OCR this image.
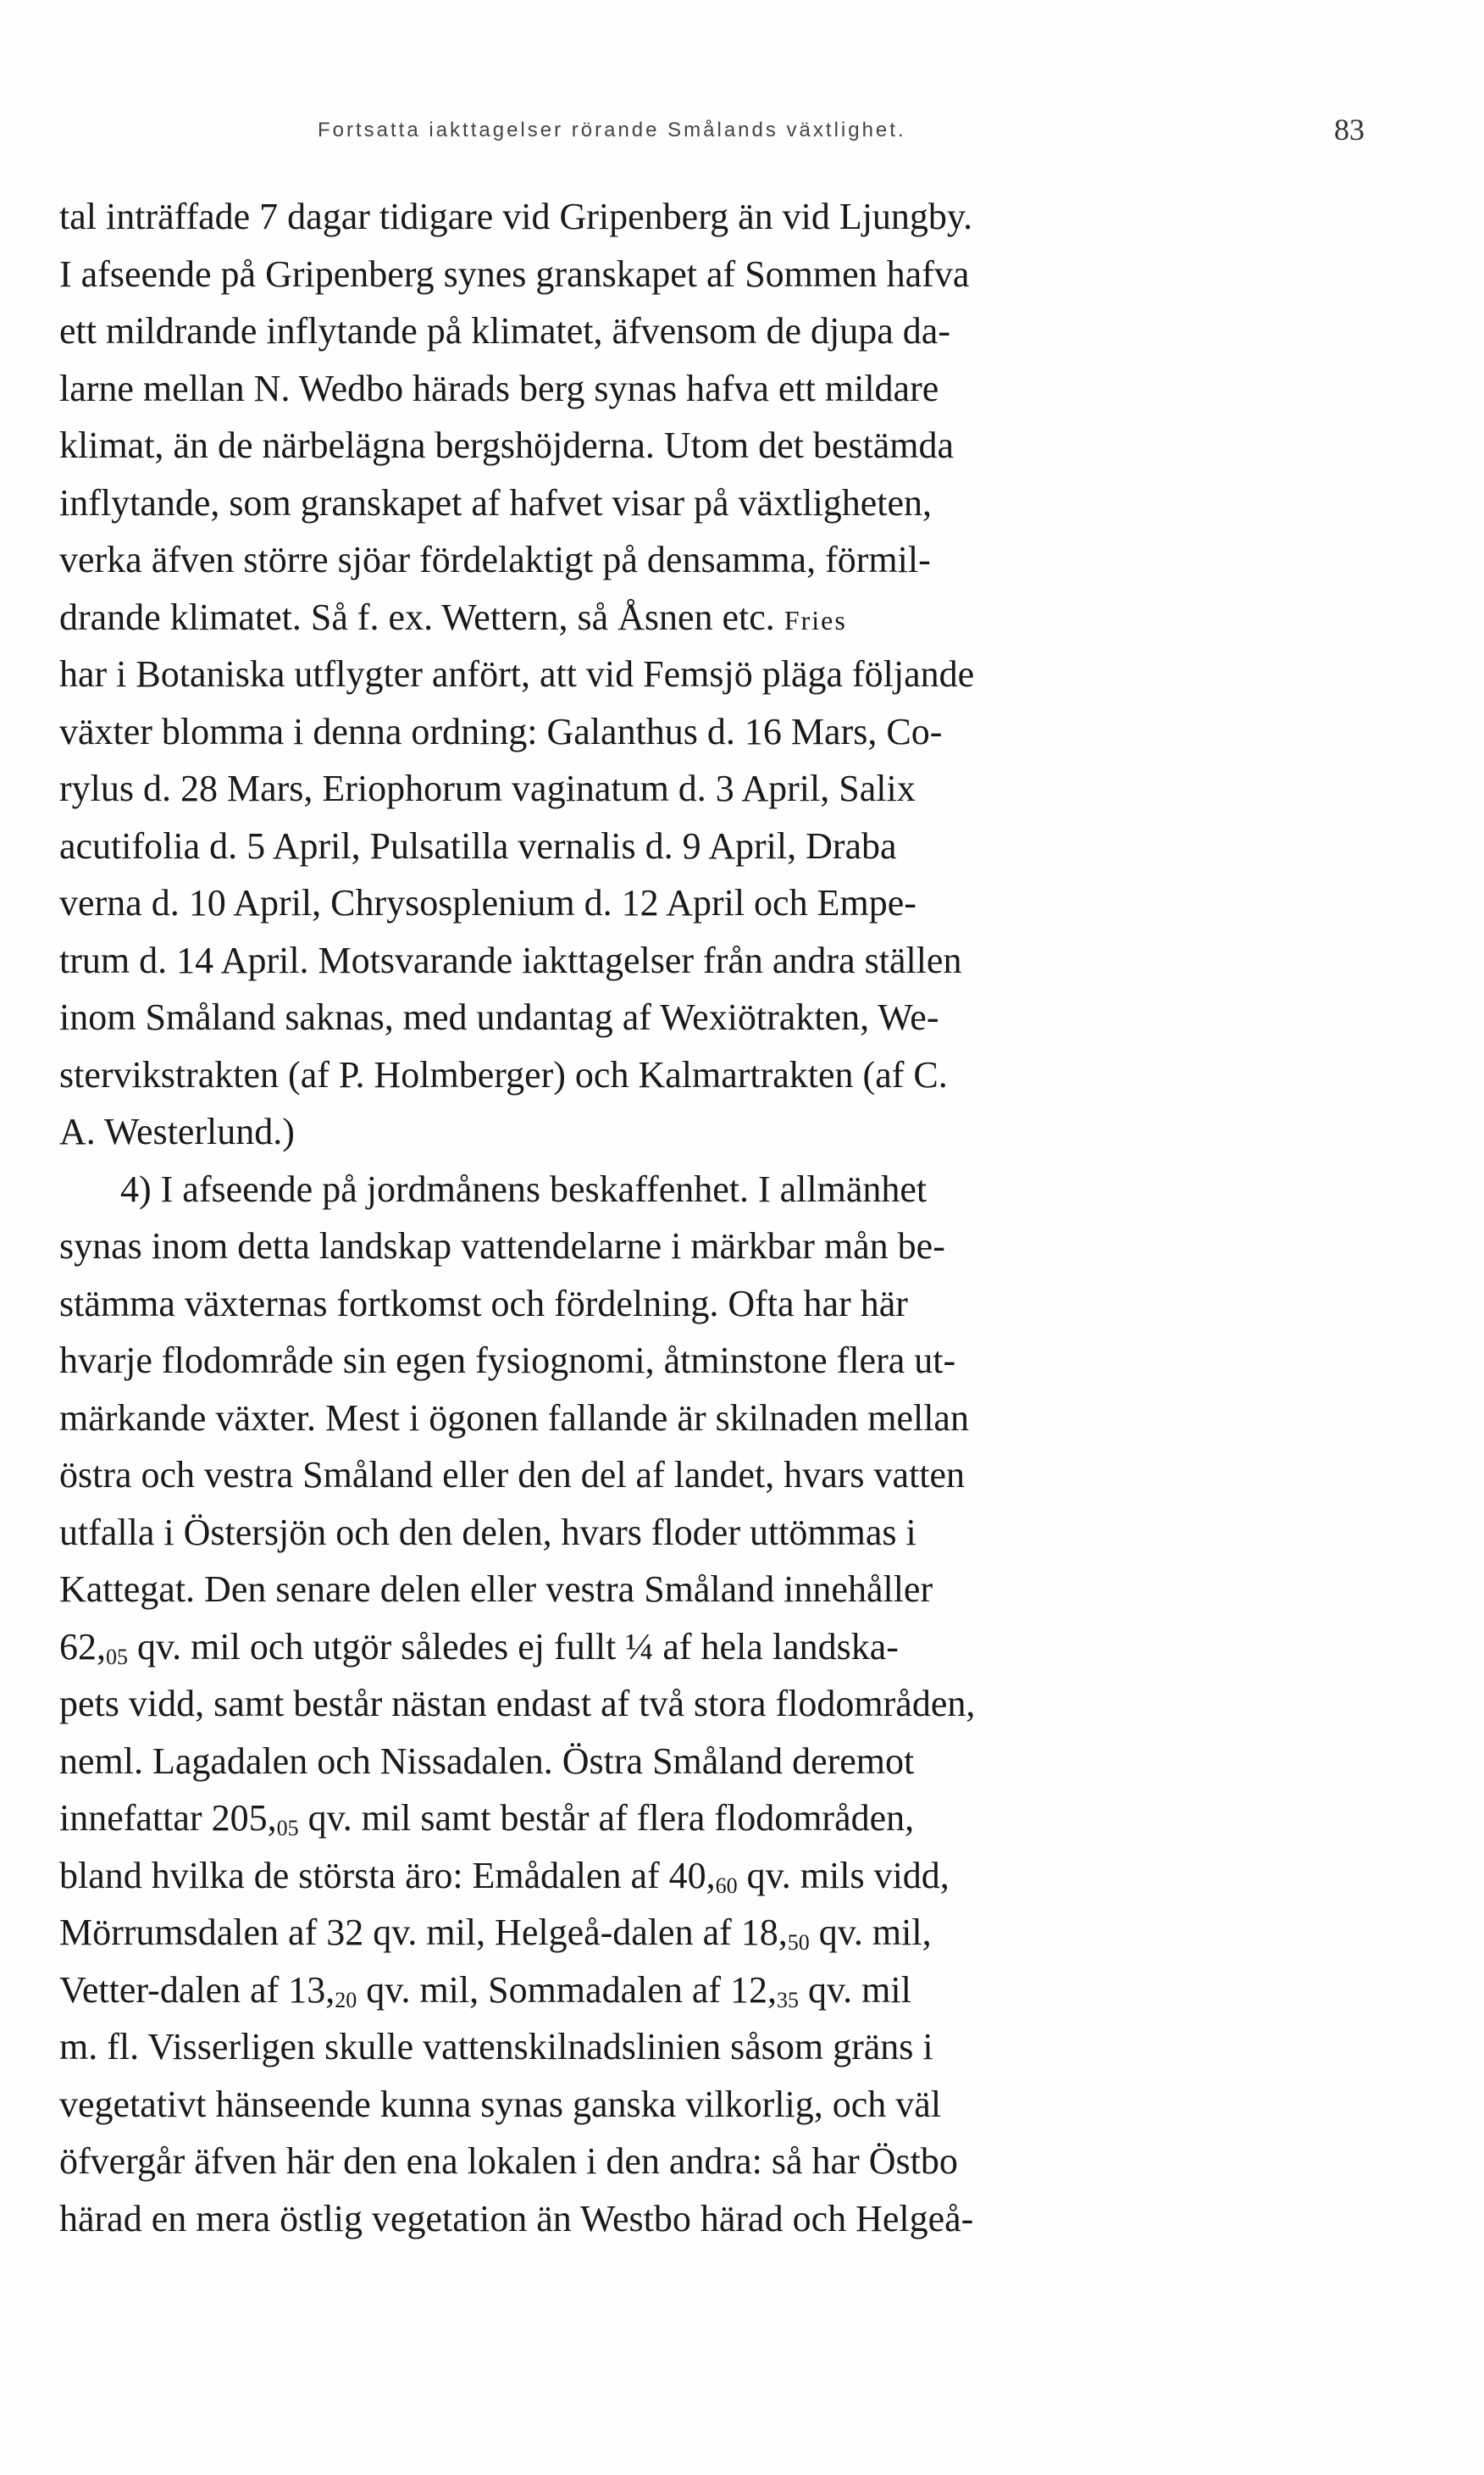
Fortsatta iakttagelser rörande Smålands växtlighet.	83
tal inträffade 7 dagar tidigare vid Gripenberg än vid Ljungby.
I afseende på Gripenberg synes granskapet af Sommen hafva
ett mildrande inflytande på klimatet, äfvensom de djupa da-
larne mellan N. Wedbo härads berg synas hafva ett mildare
klimat, än de närbelägna bergshöjderna. Utom det bestämda
inflytande, som granskapet af hafvet visar på växtligheten,
verka äfven större sjöar fördelaktigt på densamma, förmil-
drande klimatet. Så f. ex. Wettern, så Åsnen etc. Fries
har i Botaniska utflygter anfört, att vid Femsjö pläga följande
växter blomma i denna ordning: Galanthus d. 16 Mars, Co-
rylus d. 28 Mars, Eriophorum vaginatum d. 3 April, Salix
acutifolia d. 5 April, Pulsatilla vernalis d. 9 April, Draba
verna d. 10 April, Chrysosplenium d. 12 April och Empe-
trum d. 14 April. Motsvarande iakttagelser från andra ställen
inom Småland saknas, med undantag af Wexiötrakten, We-
stervikstrakten (af P. Holmberger) och Kalmartrakten (af C.
A. Westerlund.)
4) I afseende på jordmånens beskaffenhet. I allmänhet
synas inom detta landskap vattendelarne i märkbar mån be-
stämma växternas fortkomst och fördelning. Ofta har här
hvarje flodområde sin egen fysiognomi, åtminstone flera ut-
märkande växter. Mest i ögonen fallande är skilnaden mellan
östra och vestra Småland eller den del af landet, hvars vatten
utfalla i Östersjön och den delen, hvars floder uttömmas i
Kattegat. Den senare delen eller vestra Småland innehåller
$62,_{05}$ qv. mil och utgör således ej fullt ¼ af hela landska-
pets vidd, samt består nästan endast af två stora flodområden,
neml. Lagadalen och Nissadalen. Östra Småland deremot
innefattar $205,_{05}$ qv. mil samt består af flera flodområden,
bland hvilka de största äro: Emådalen af $40,_{60}$ qv. mils vidd,
Mörrumsdalen af 32 qv. mil, Helgeå-dalen af $18,_{50}$ qv. mil,
Vetter-dalen af $13,_{20}$ qv. mil, Sommadalen af $12,_{35}$ qv. mil
m. fl. Visserligen skulle vattenskilnadslinien såsom gräns i
vegetativt hänseende kunna synas ganska vilkorlig, och väl
öfvergår äfven här den ena lokalen i den andra: så har Östbo
härad en mera östlig vegetation än Westbo härad och Helgeå-
